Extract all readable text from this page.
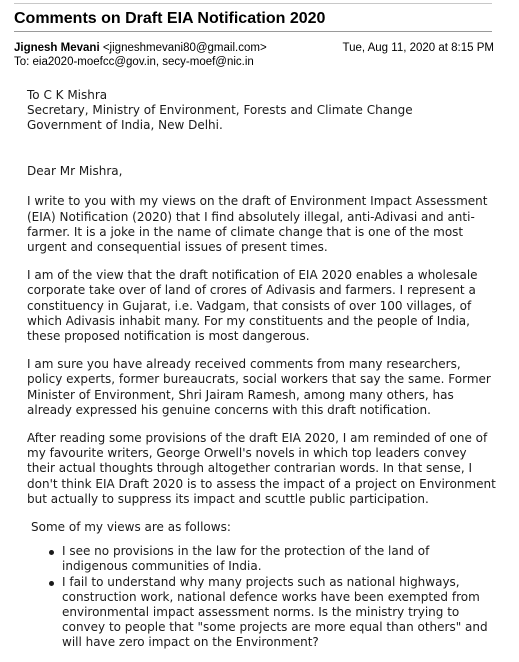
Comments on Draft EIA Notification 2020
Jignesh Mevani <jigneshmevani80@gmail.com>	Tue, Aug 11, 2020 at 8:15 PM
To: eia2020-moefcc@gov.in, secy-moef@nic.in

To C K Mishra

Secretary, Ministry of Environment, Forests and Climate Change

Government of India, New Delhi.

Dear Mr Mishra,

I write to you with my views on the draft of Environment Impact Assessment (EIA) Notification (2020) that I find absolutely illegal, anti-Adivasi and anti-farmer. It is a joke in the name of climate change that is one of the most urgent and consequential issues of present times.

I am of the view that the draft notification of EIA 2020 enables a wholesale corporate take over of land of crores of Adivasis and farmers. I represent a constituency in Gujarat, i.e. Vadgam, that consists of over 100 villages, of which Adivasis inhabit many. For my constituents and the people of India, these proposed notification is most dangerous.

I am sure you have already received comments from many researchers, policy experts, former bureaucrats, social workers that say the same. Former Minister of Environment, Shri Jairam Ramesh, among many others, has already expressed his genuine concerns with this draft notification.

After reading some provisions of the draft EIA 2020, I am reminded of one of my favourite writers, George Orwell's novels in which top leaders convey their actual thoughts through altogether contrarian words. In that sense, I don't think EIA Draft 2020 is to assess the impact of a project on Environment but actually to suppress its impact and scuttle public participation.

Some of my views are as follows:

I see no provisions in the law for the protection of the land of indigenous communities of India.
I fail to understand why many projects such as national highways, construction work, national defence works have been exempted from environmental impact assessment norms. Is the ministry trying to convey to people that "some projects are more equal than others" and will have zero impact on the Environment?
